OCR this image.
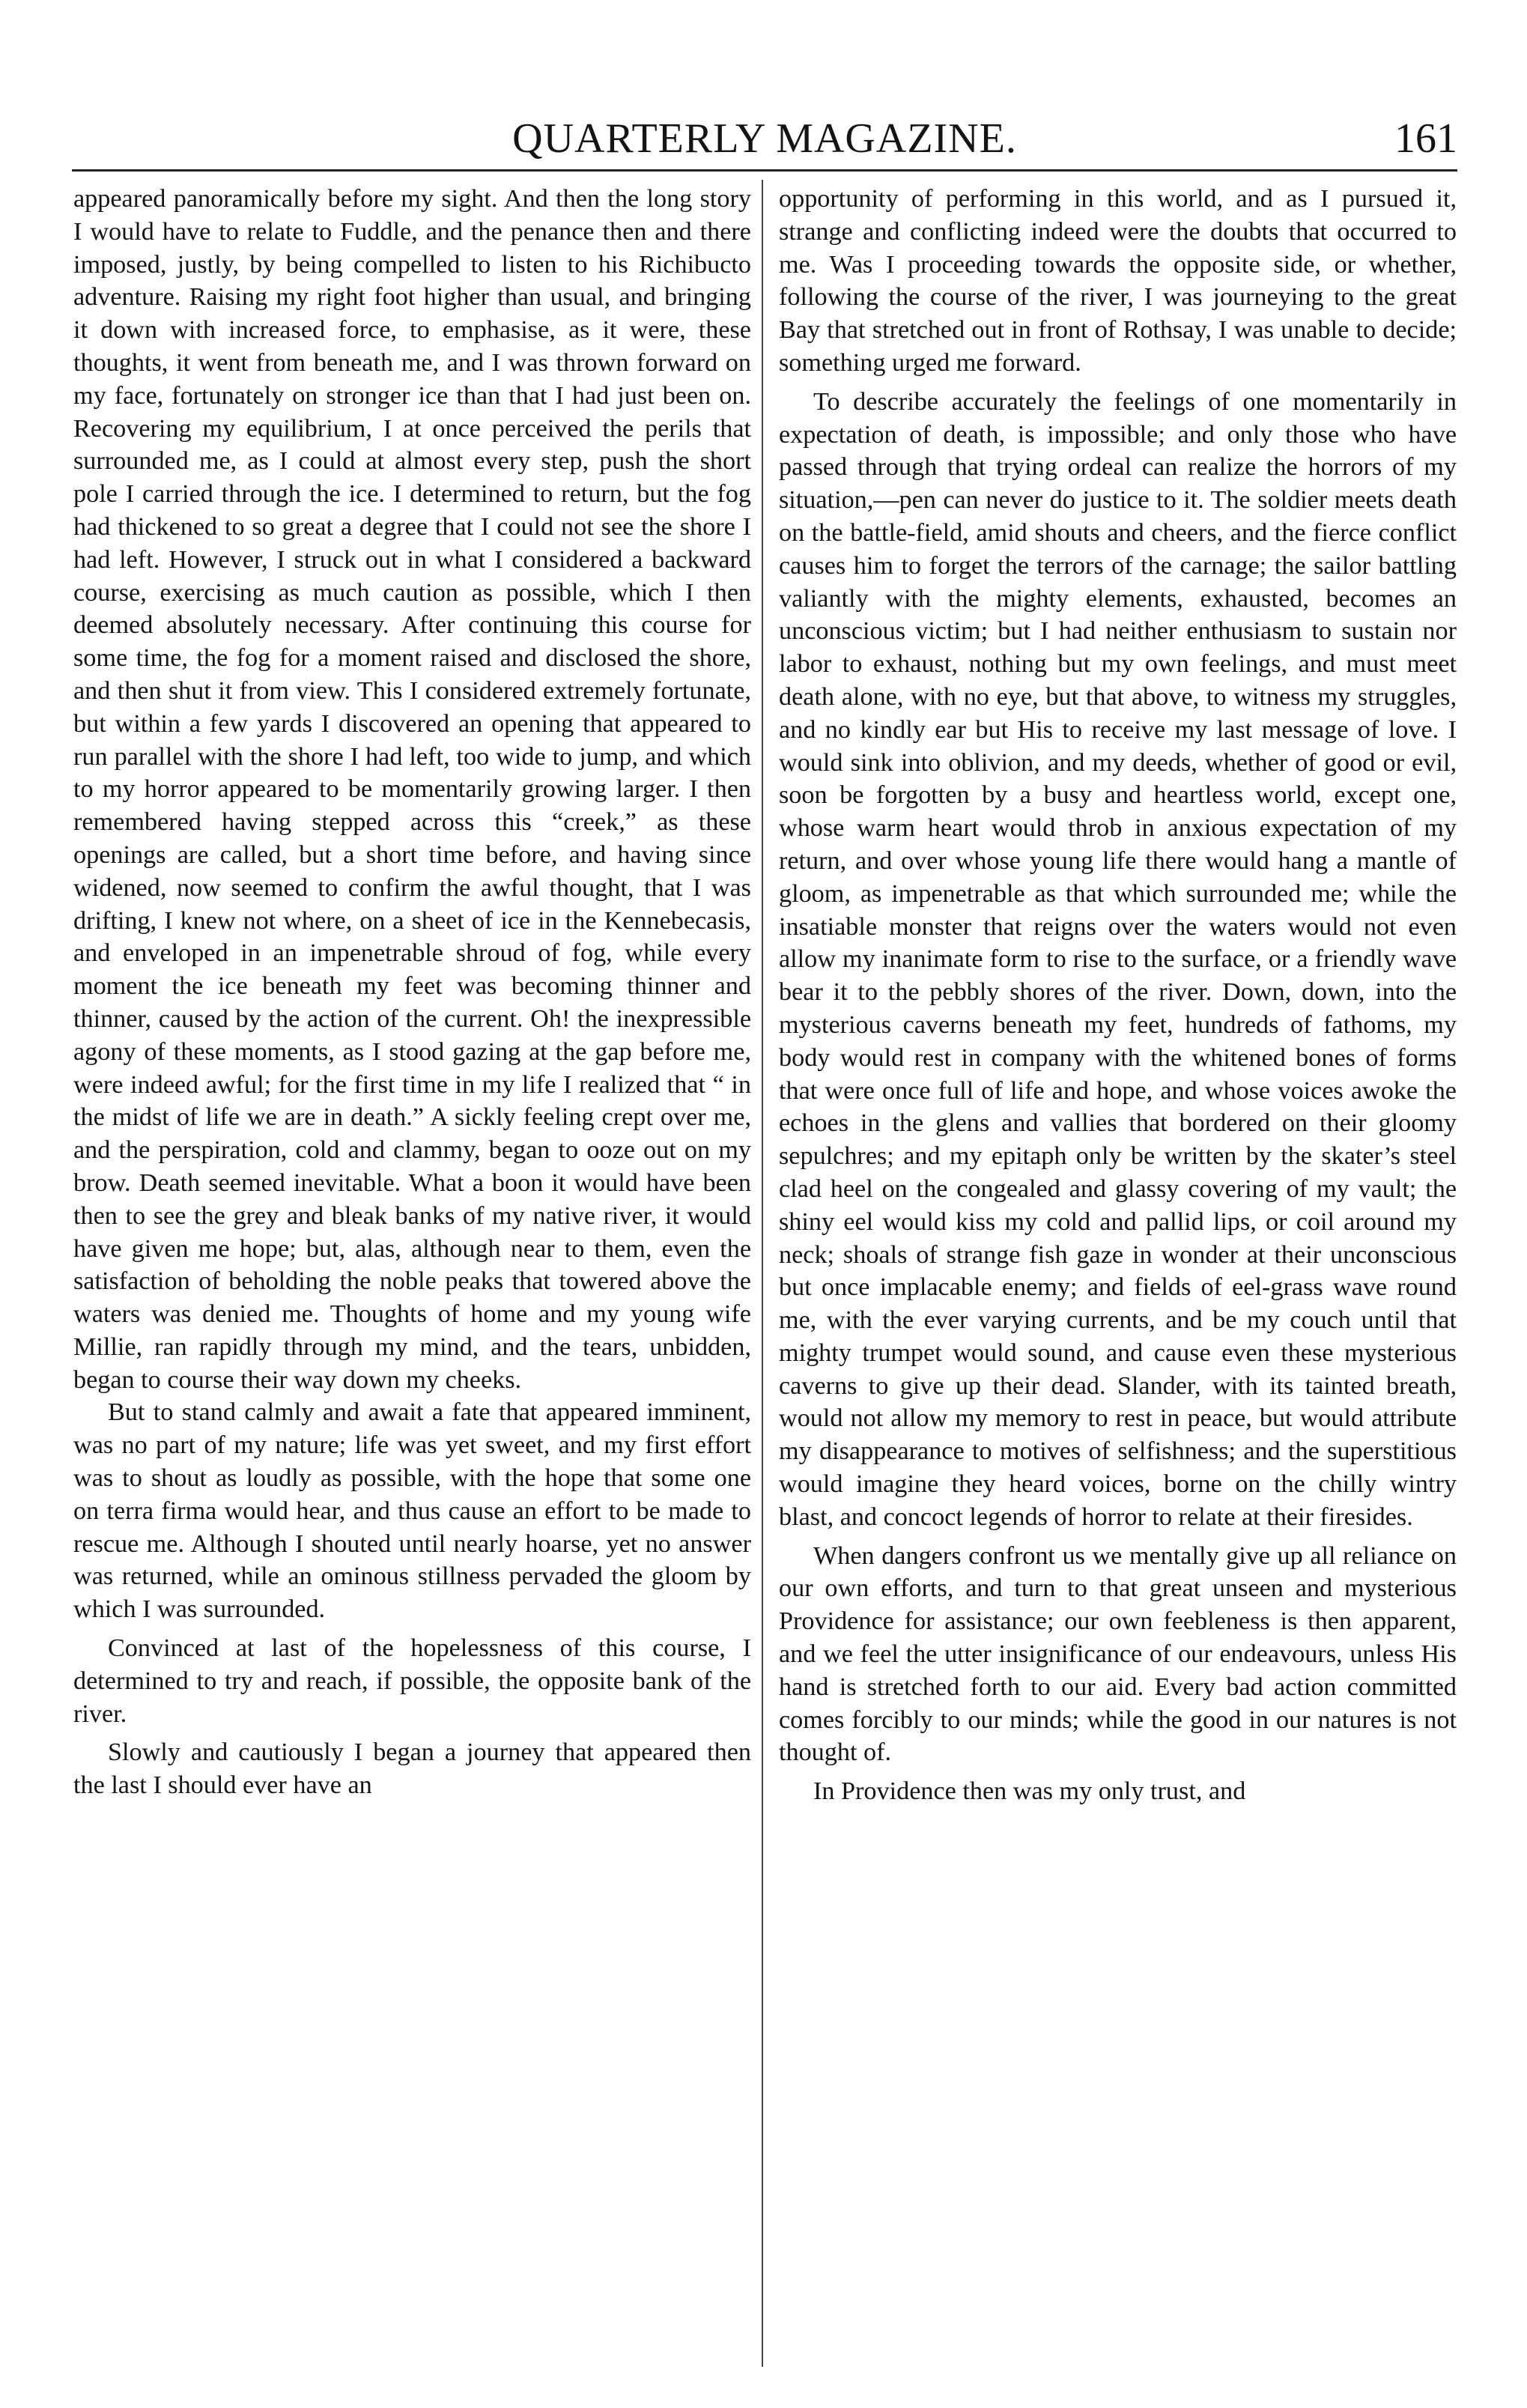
QUARTERLY MAGAZINE.	161

appeared panoramically before my sight. And then the long story I would have to relate to Fuddle, and the penance then and there imposed, justly, by being compelled to listen to his Richibucto adventure. Raising my right foot higher than usual, and bringing it down with increased force, to emphasise, as it were, these thoughts, it went from beneath me, and I was thrown forward on my face, fortunately on stronger ice than that I had just been on. Recovering my equilibrium, I at once perceived the perils that surrounded me, as I could at almost every step, push the short pole I carried through the ice. I determined to return, but the fog had thickened to so great a degree that I could not see the shore I had left. However, I struck out in what I considered a backward course, exercising as much caution as possible, which I then deemed absolutely necessary. After continuing this course for some time, the fog for a moment raised and disclosed the shore, and then shut it from view. This I considered extremely fortunate, but within a few yards I discovered an opening that appeared to run parallel with the shore I had left, too wide to jump, and which to my horror appeared to be momentarily growing larger. I then remembered having stepped across this “creek,” as these openings are called, but a short time before, and having since widened, now seemed to confirm the awful thought, that I was drifting, I knew not where, on a sheet of ice in the Kennebecasis, and enveloped in an impenetrable shroud of fog, while every moment the ice beneath my feet was becoming thinner and thinner, caused by the action of the current. Oh! the inexpressible agony of these moments, as I stood gazing at the gap before me, were indeed awful; for the first time in my life I realized that “ in the midst of life we are in death.” A sickly feeling crept over me, and the perspiration, cold and clammy, began to ooze out on my brow. Death seemed inevitable. What a boon it would have been then to see the grey and bleak banks of my native river, it would have given me hope; but, alas, although near to them, even the satisfaction of beholding the noble peaks that towered above the waters was denied me. Thoughts of home and my young wife Millie, ran rapidly through my mind, and the tears, unbidden, began to course their way down my cheeks.

But to stand calmly and await a fate that appeared imminent, was no part of my nature; life was yet sweet, and my first effort was to shout as loudly as possible, with the hope that some one on terra firma would hear, and thus cause an effort to be made to rescue me. Although I shouted until nearly hoarse, yet no answer was returned, while an ominous stillness pervaded the gloom by which I was surrounded.

Convinced at last of the hopelessness of this course, I determined to try and reach, if possible, the opposite bank of the river.

Slowly and cautiously I began a journey that appeared then the last I should ever have an

opportunity of performing in this world, and as I pursued it, strange and conflicting indeed were the doubts that occurred to me. Was I proceeding towards the opposite side, or whether, following the course of the river, I was journeying to the great Bay that stretched out in front of Rothsay, I was unable to decide; something urged me forward.

To describe accurately the feelings of one momentarily in expectation of death, is impossible; and only those who have passed through that trying ordeal can realize the horrors of my situation,—pen can never do justice to it. The soldier meets death on the battle-field, amid shouts and cheers, and the fierce conflict causes him to forget the terrors of the carnage; the sailor battling valiantly with the mighty elements, exhausted, becomes an unconscious victim; but I had neither enthusiasm to sustain nor labor to exhaust, nothing but my own feelings, and must meet death alone, with no eye, but that above, to witness my struggles, and no kindly ear but His to receive my last message of love. I would sink into oblivion, and my deeds, whether of good or evil, soon be forgotten by a busy and heartless world, except one, whose warm heart would throb in anxious expectation of my return, and over whose young life there would hang a mantle of gloom, as impenetrable as that which surrounded me; while the insatiable monster that reigns over the waters would not even allow my inanimate form to rise to the surface, or a friendly wave bear it to the pebbly shores of the river. Down, down, into the mysterious caverns beneath my feet, hundreds of fathoms, my body would rest in company with the whitened bones of forms that were once full of life and hope, and whose voices awoke the echoes in the glens and vallies that bordered on their gloomy sepulchres; and my epitaph only be written by the skater’s steel clad heel on the congealed and glassy covering of my vault; the shiny eel would kiss my cold and pallid lips, or coil around my neck; shoals of strange fish gaze in wonder at their unconscious but once implacable enemy; and fields of eel-grass wave round me, with the ever varying currents, and be my couch until that mighty trumpet would sound, and cause even these mysterious caverns to give up their dead. Slander, with its tainted breath, would not allow my memory to rest in peace, but would attribute my disappearance to motives of selfishness; and the superstitious would imagine they heard voices, borne on the chilly wintry blast, and concoct legends of horror to relate at their firesides.

When dangers confront us we mentally give up all reliance on our own efforts, and turn to that great unseen and mysterious Providence for assistance; our own feebleness is then apparent, and we feel the utter insignificance of our endeavours, unless His hand is stretched forth to our aid. Every bad action committed comes forcibly to our minds; while the good in our natures is not thought of.

In Providence then was my only trust, and
